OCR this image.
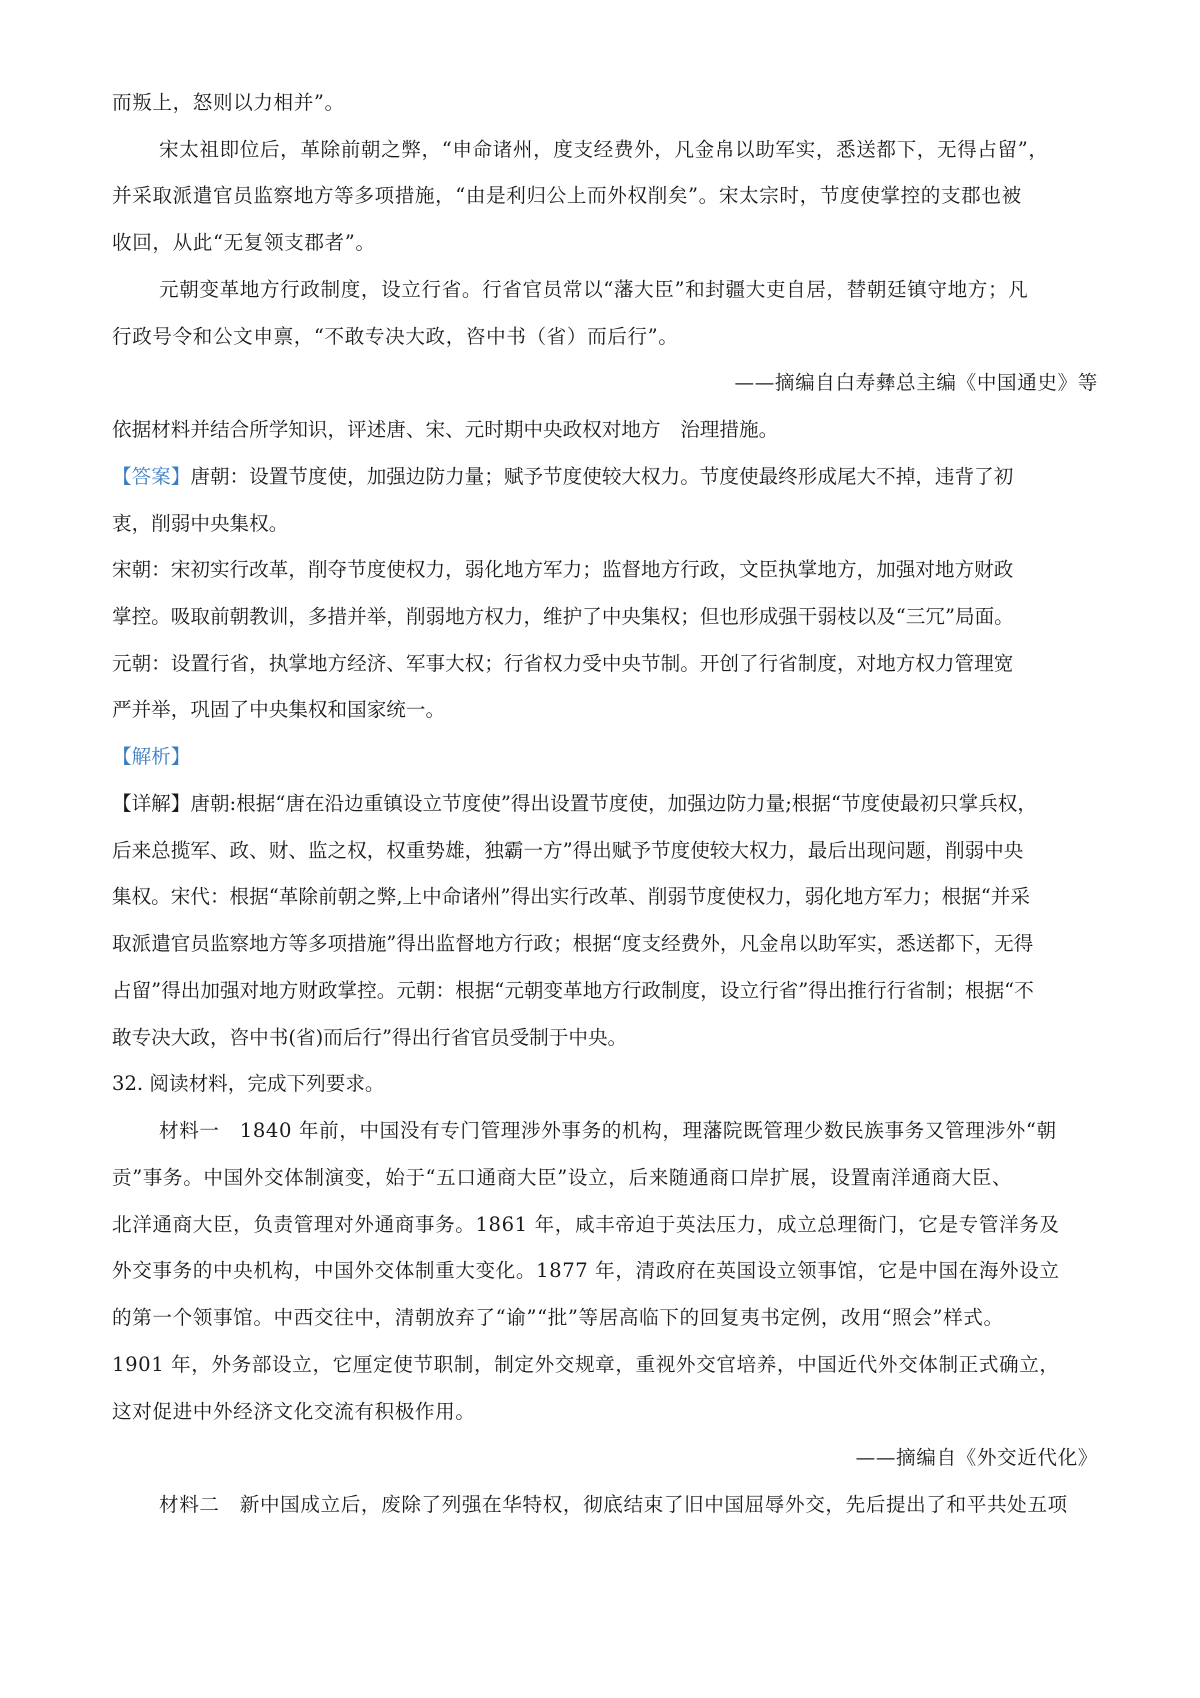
而叛上，怒则以力相并”。
宋太祖即位后，革除前朝之弊，“申命诸州，度支经费外，凡金帛以助军实，悉送都下，无得占留”，
并采取派遣官员监察地方等多项措施，“由是利归公上而外权削矣”。宋太宗时，节度使掌控的支郡也被
收回，从此“无复领支郡者”。
元朝变革地方行政制度，设立行省。行省官员常以“藩大臣”和封疆大吏自居，替朝廷镇守地方；凡
行政号令和公文申禀，“不敢专决大政，咨中书（省）而后行”。
——摘编自白寿彝总主编《中国通史》等
依据材料并结合所学知识，评述唐、宋、元时期中央政权对地方　治理措施。
【答案】唐朝：设置节度使，加强边防力量；赋予节度使较大权力。节度使最终形成尾大不掉，违背了初
衷，削弱中央集权。
宋朝：宋初实行改革，削夺节度使权力，弱化地方军力；监督地方行政，文臣执掌地方，加强对地方财政
掌控。吸取前朝教训，多措并举，削弱地方权力，维护了中央集权；但也形成强干弱枝以及“三冗”局面。
元朝：设置行省，执掌地方经济、军事大权；行省权力受中央节制。开创了行省制度，对地方权力管理宽
严并举，巩固了中央集权和国家统一。
【解析】
【详解】唐朝:根据“唐在沿边重镇设立节度使”得出设置节度使，加强边防力量;根据“节度使最初只掌兵权，
后来总揽军、政、财、监之权，权重势雄，独霸一方”得出赋予节度使较大权力，最后出现问题，削弱中央
集权。宋代：根据“革除前朝之弊,上中命诸州”得出实行改革、削弱节度使权力，弱化地方军力；根据“并采
取派遣官员监察地方等多项措施”得出监督地方行政；根据“度支经费外，凡金帛以助军实，悉送都下，无得
占留”得出加强对地方财政掌控。元朝：根据“元朝变革地方行政制度，设立行省”得出推行行省制；根据“不
敢专决大政，咨中书(省)而后行”得出行省官员受制于中央。
32. 阅读材料，完成下列要求。
材料一　1840 年前，中国没有专门管理涉外事务的机构，理藩院既管理少数民族事务又管理涉外“朝
贡”事务。中国外交体制演变，始于“五口通商大臣”设立，后来随通商口岸扩展，设置南洋通商大臣、
北洋通商大臣，负责管理对外通商事务。1861 年，咸丰帝迫于英法压力，成立总理衙门，它是专管洋务及
外交事务的中央机构，中国外交体制重大变化。1877 年，清政府在英国设立领事馆，它是中国在海外设立
的第一个领事馆。中西交往中，清朝放弃了“谕”“批”等居高临下的回复夷书定例，改用“照会”样式。
1901 年，外务部设立，它厘定使节职制，制定外交规章，重视外交官培养，中国近代外交体制正式确立，
这对促进中外经济文化交流有积极作用。
——摘编自《外交近代化》
材料二　新中国成立后，废除了列强在华特权，彻底结束了旧中国屈辱外交，先后提出了和平共处五项
